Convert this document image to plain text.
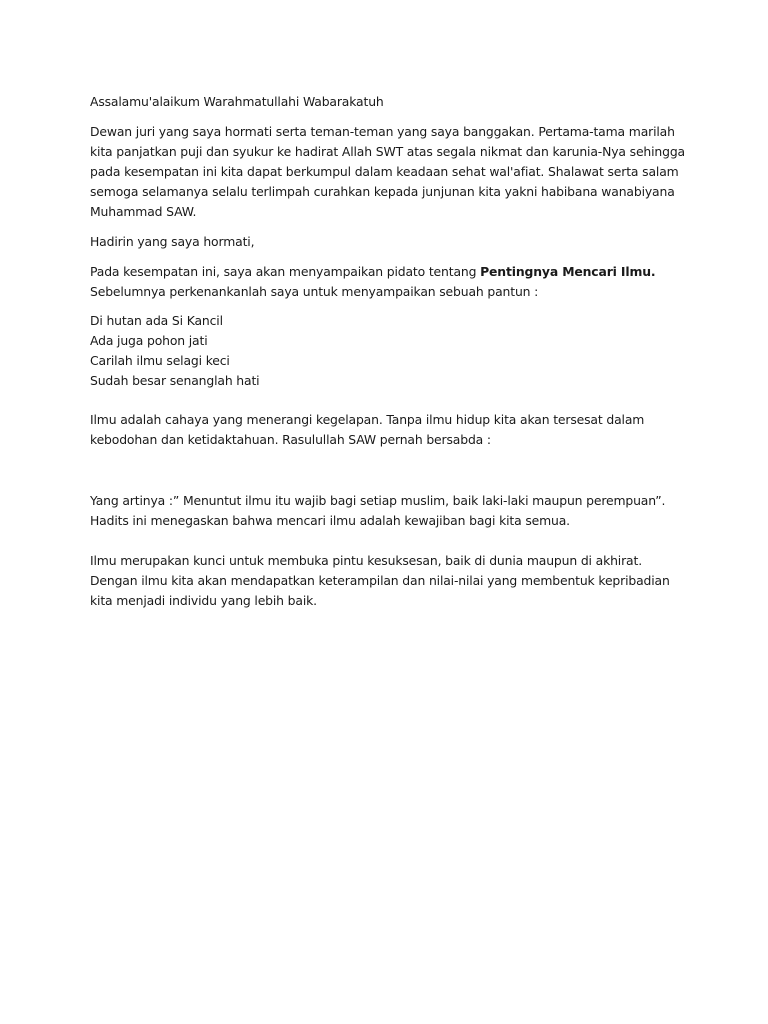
Assalamu'alaikum Warahmatullahi Wabarakatuh

Dewan juri yang saya hormati serta teman-teman yang saya banggakan. Pertama-tama marilah kita panjatkan puji dan syukur ke hadirat Allah SWT atas segala nikmat dan karunia-Nya sehingga pada kesempatan ini kita dapat berkumpul dalam keadaan sehat wal'afiat. Shalawat serta salam semoga selamanya selalu terlimpah curahkan kepada junjunan kita yakni habibana wanabiyana Muhammad SAW.

Hadirin yang saya hormati,

Pada kesempatan ini, saya akan menyampaikan pidato tentang Pentingnya Mencari Ilmu. Sebelumnya perkenankanlah saya untuk menyampaikan sebuah pantun :

Di hutan ada Si Kancil

Ada juga pohon jati

Carilah ilmu selagi keci

Sudah besar senanglah hati

Ilmu adalah cahaya yang menerangi kegelapan. Tanpa ilmu hidup kita akan tersesat dalam kebodohan dan ketidaktahuan. Rasulullah SAW pernah bersabda :

Yang artinya :” Menuntut ilmu itu wajib bagi setiap muslim, baik laki-laki maupun perempuan”. Hadits ini menegaskan bahwa mencari ilmu adalah kewajiban bagi kita semua.

Ilmu merupakan kunci untuk membuka pintu kesuksesan, baik di dunia maupun di akhirat. Dengan ilmu kita akan mendapatkan keterampilan dan nilai-nilai yang membentuk kepribadian kita menjadi individu yang lebih baik.
